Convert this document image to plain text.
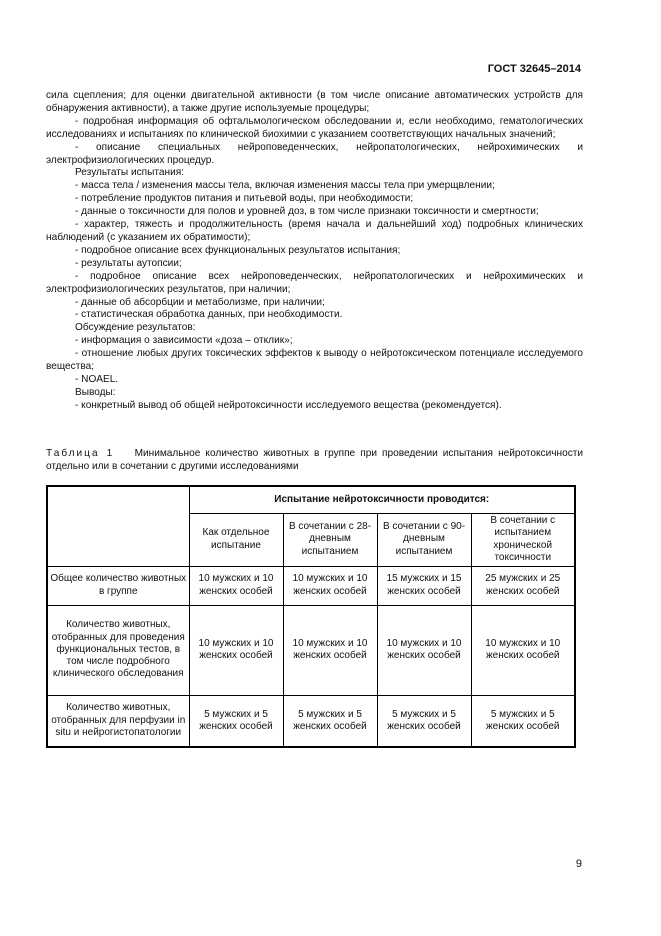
ГОСТ 32645–2014

сила сцепления; для оценки двигательной активности (в том числе описание автоматических устройств для обнаружения активности), а также другие используемые процедуры;

- подробная информация об офтальмологическом обследовании и, если необходимо, гематологических исследованиях и испытаниях по клинической биохимии с указанием соответствующих начальных значений;

- описание специальных нейроповеденческих, нейропатологических, нейрохимических и электрофизиологических процедур.

Результаты испытания:

- масса тела / изменения массы тела, включая изменения массы тела при умерщвлении;

- потребление продуктов питания и питьевой воды, при необходимости;

- данные о токсичности для полов и уровней доз, в том числе признаки токсичности и смертности;

- характер, тяжесть и продолжительность (время начала и дальнейший ход) подробных клинических наблюдений (с указанием их обратимости);

- подробное описание всех функциональных результатов испытания;

- результаты аутопсии;

- подробное описание всех нейроповеденческих, нейропатологических и нейрохимических и электрофизиологических результатов, при наличии;

- данные об абсорбции и метаболизме, при наличии;

- статистическая обработка данных, при необходимости.

Обсуждение результатов:

- информация о зависимости «доза – отклик»;

- отношение любых других токсических эффектов к выводу о нейротоксическом потенциале исследуемого вещества;

- NOAEL.

Выводы:

- конкретный вывод об общей нейротоксичности исследуемого вещества (рекомендуется).

Таблица 1 Минимальное количество животных в группе при проведении испытания нейротоксичности отдельно или в сочетании с другими исследованиями
	Испытание нейротоксичности проводится:			
	Как отдельное испытание	В сочетании с 28-дневным испытанием	В сочетании с 90-дневным испытанием	В сочетании с испытанием хронической токсичности
Общее количество животных в группе	10 мужских и 10 женских особей	10 мужских и 10 женских особей	15 мужских и 15 женских особей	25 мужских и 25 женских особей
Количество животных, отобранных для проведения функциональных тестов, в том числе подробного клинического обследования	10 мужских и 10 женских особей	10 мужских и 10 женских особей	10 мужских и 10 женских особей	10 мужских и 10 женских особей
Количество животных, отобранных для перфузии in situ и нейрогистопатологии	5 мужских и 5 женских особей	5 мужских и 5 женских особей	5 мужских и 5 женских особей	5 мужских и 5 женских особей
9
